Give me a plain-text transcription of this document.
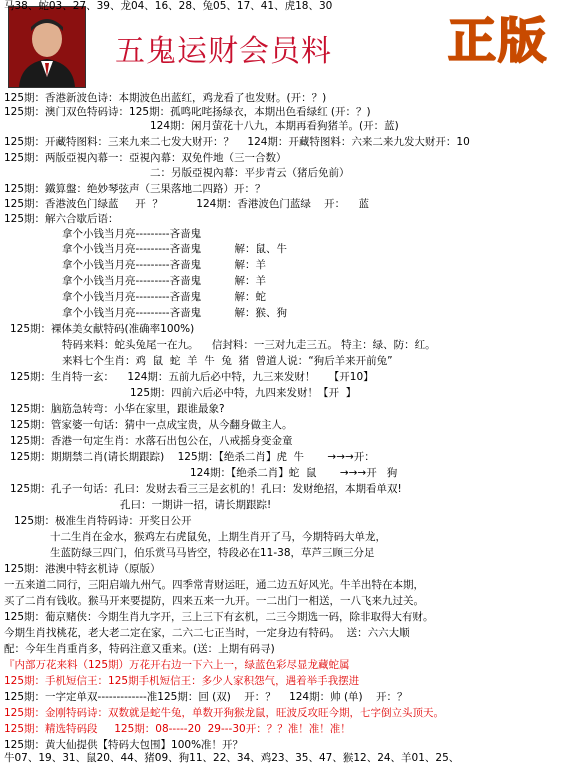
五鬼运财会员料 正版
125期：香港新波色诗：本期波色出蓝红，鸡龙看了也发财。(开：？)
125期：澳门双色特码诗：125期：孤鸣叱咤扬绿衣，本期出色看绿红 (开：？)
124期：闲月萤花十八九，本期再看狗猪羊。(开：蓝)
125期：开藏特图料：三来九来二七发大财开：？    124期：开藏特图料：六来二来九发大财开：10
125期：两版亞視內幕一：亞視內幕：双免件地（三一合数）
二：另版亞視內幕：平步青云（猪后免前）
125期：鐵算盤：绝妙琴弦声（三果落地二四路）开：？
125期：香港波色门绿蓝     开  ？          124期：香港波色门蓝绿    开：    蓝
125期：解六合歇后语：
拿个小钱当月亮---------吝啬鬼
拿个小钱当月亮---------吝啬鬼          解：鼠、牛
拿个小钱当月亮---------吝啬鬼          解：羊
拿个小钱当月亮---------吝啬鬼          解：羊
拿个小钱当月亮---------吝啬鬼          解：蛇
拿个小钱当月亮---------吝啬鬼          解：猴、狗
125期：裸体美女献特码(准确率100%)
特码来料：蛇头兔尾一在九。    信封料：一三对九走三五。 特主：绿、防：红。
来料七个生肖：鸡  鼠  蛇  羊  牛  兔  猪  曾道人说：“狗后羊来开前兔”
125期：生肖特一玄：    124期：五前九后必中特，九三来发财！    【开10】
125期：四前六后必中特，九四来发财！【开  】
125期：脑筋急转弯：小华在家里，跟谁最象?
125期：管家婆一句话：猜中一点成宝贵，从今翻身做主人。
125期：香港一句定生肖：水落石出包公在，八戒摇身变金童
125期：期期禁二肖(请长期跟踪)    125期：【绝杀二肖】虎  牛       →→→开：
124期：【绝杀二肖】蛇  鼠       →→→开   狗
125期：孔子一句话：孔曰：发财去看三三是玄机的！孔曰：发财绝招，本期看单双!
孔曰：一期讲一招，请长期跟踪!
125期：极准生肖特码诗：开奖日公开
十二生肖在金水，猴鸡左右虎鼠免，上期生肖开了马，今期特码大单龙，
生蓝防绿三四门，伯乐赏马马皆空，特段必在11-38，草芦三顾三分足
125期：港澳中特玄机诗（原版）
一五来道二同行，三阳启端九州气。四季常青财运旺，通二边五好风光。牛羊出特在本期，
买了二肖有钱收。猴马开来要提防，四来五来一九开。一二出门一相送，一八飞来九过关。
125期：葡京赌侠：今期生肖九字开，三上三下有玄机，二三今期选一码，除非取得大有财。
今期生肖找桃花，老大老二定在家，二六二七正当时，一定身边有特码。  送：六六大顺
配：今年生肖重肖多，特码注意又重来。(送：上期有码寻)
『内部万花来料（125期）万花开右边一下六上一，绿蓝色彩尽显龙藏蛇属
125期：手机短信王：125期手机短信王：多少人家积怨气，遇着举手我摆进
125期：一字定单双-------------准125期：回 (双)    开：？    124期：帅 (单)    开：？
125期：金刚特码诗：双数就是蛇牛兔，单数开狗猴龙鼠，旺波反攻旺今期，七字倒立头顶天。
125期：精选特码段     125期：08-----20  29---30开：？？准！准！准！
125期：黄大仙提供【特码大包围】100%准！开？
牛07、19、31、鼠20、44、猪09、狗11、22、34、鸡23、35、47、猴12、24、羊01、25、
马38、蛇03、27、39、龙04、16、28、兔05、17、41、虎18、30
